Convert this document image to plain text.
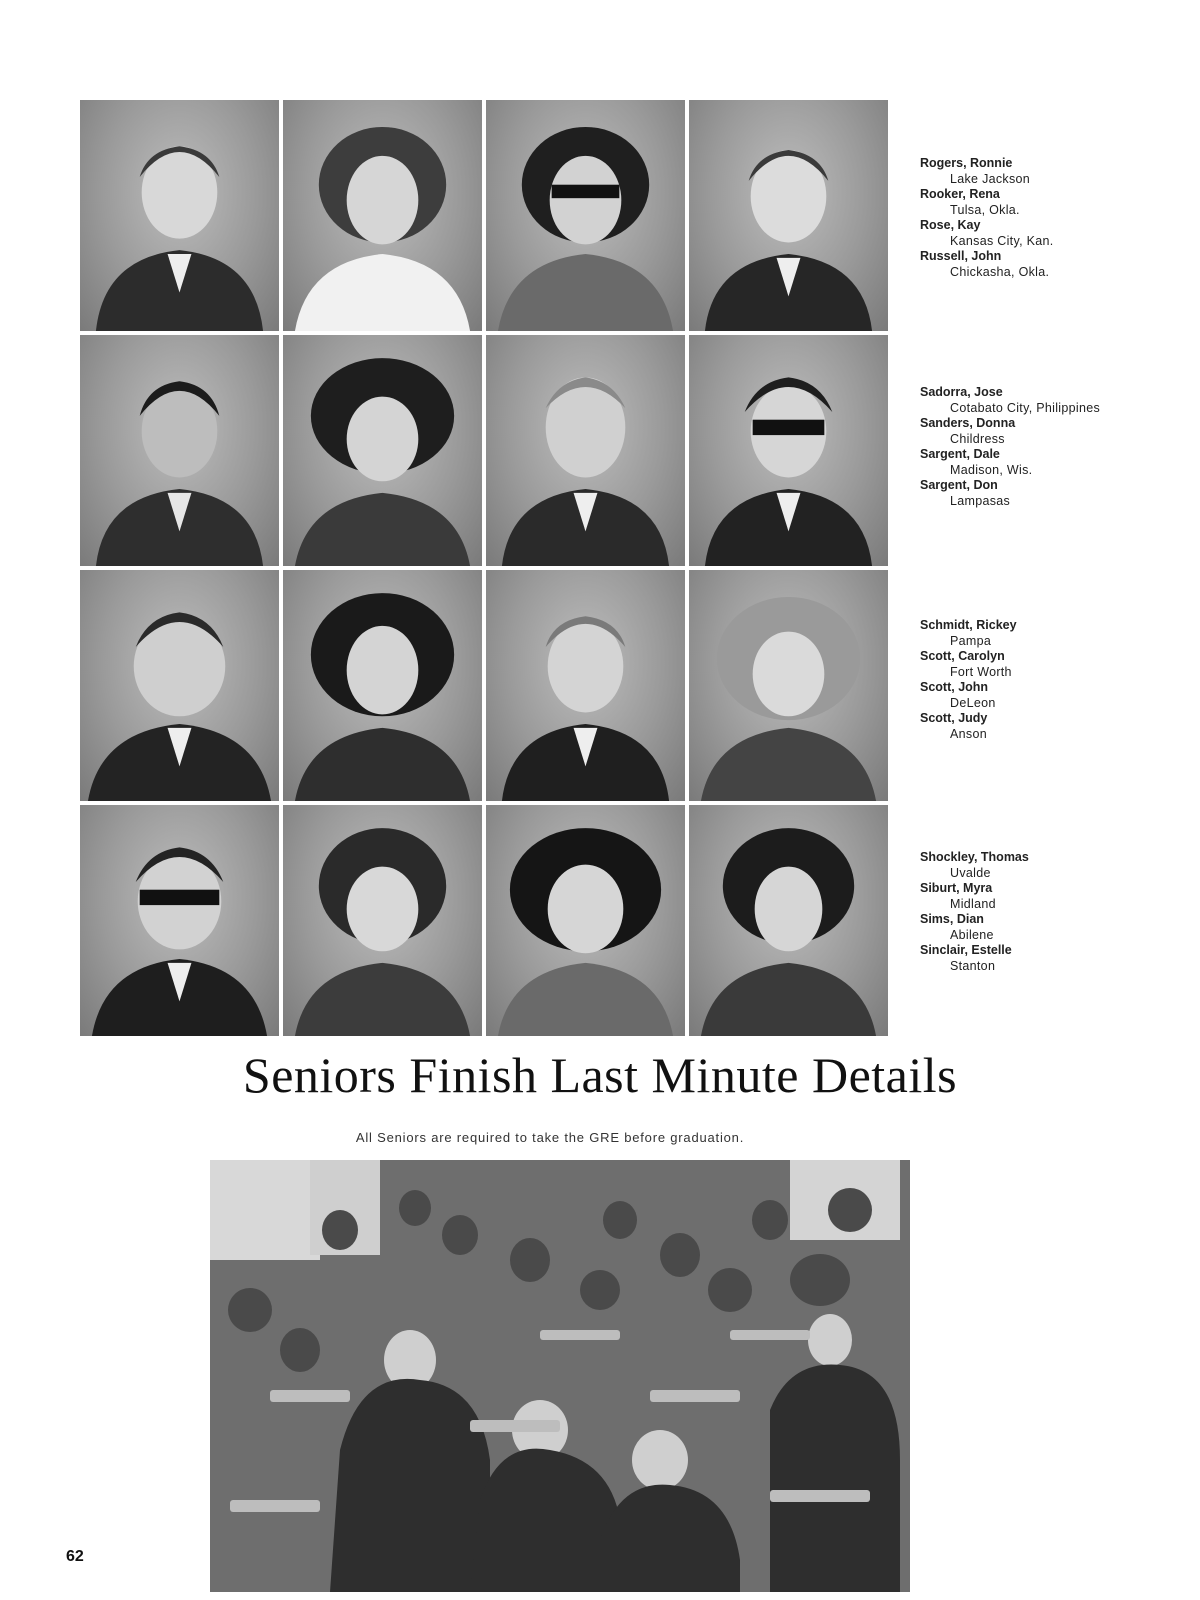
Rogers, Ronnie
Lake Jackson
Rooker, Rena
Tulsa, Okla.
Rose, Kay
Kansas City, Kan.
Russell, John
Chickasha, Okla.
Sadorra, Jose
Cotabato City, Philippines
Sanders, Donna
Childress
Sargent, Dale
Madison, Wis.
Sargent, Don
Lampasas
Schmidt, Rickey
Pampa
Scott, Carolyn
Fort Worth
Scott, John
DeLeon
Scott, Judy
Anson
Shockley, Thomas
Uvalde
Siburt, Myra
Midland
Sims, Dian
Abilene
Sinclair, Estelle
Stanton
Seniors Finish Last Minute Details
All Seniors are required to take the GRE before graduation.
62
